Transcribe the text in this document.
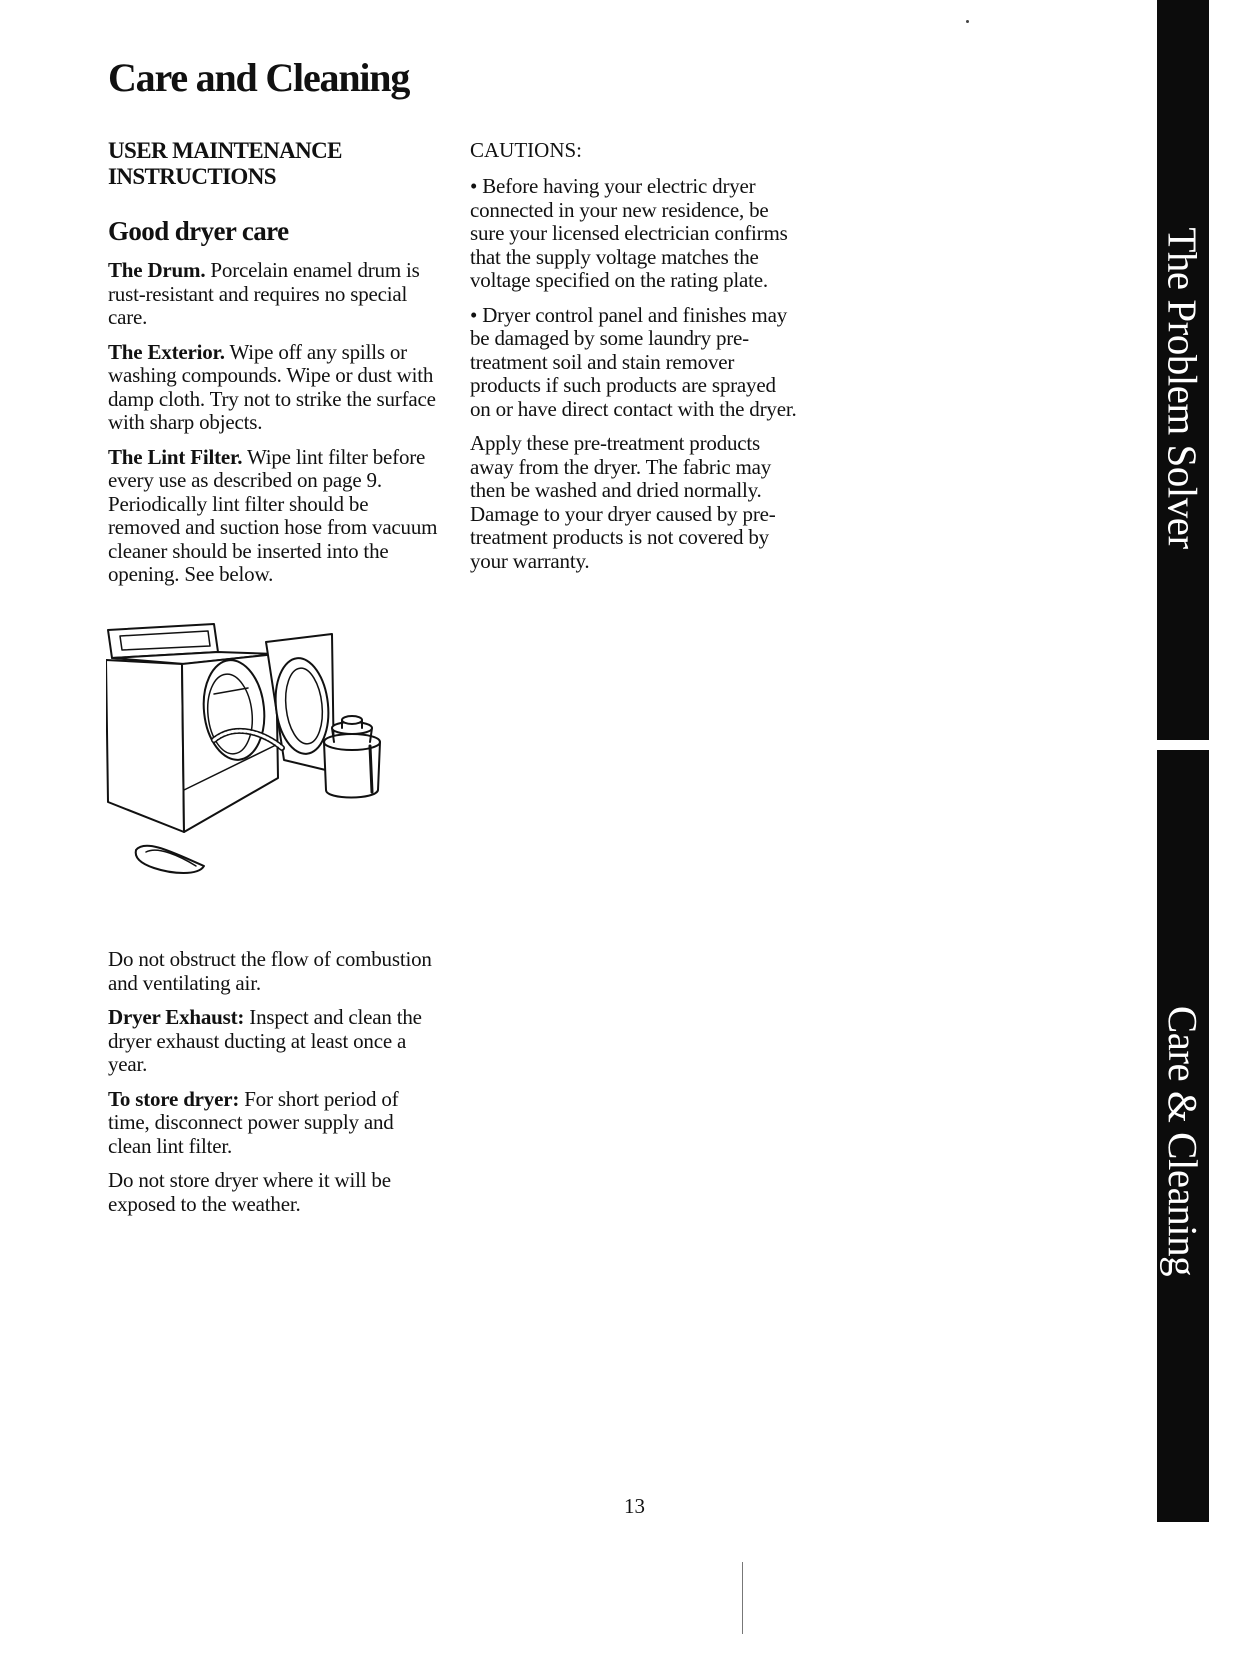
Care and Cleaning
USER MAINTENANCE
INSTRUCTIONS
Good dryer care

The Drum. Porcelain enamel drum is rust-resistant and requires no special care.

The Exterior. Wipe off any spills or washing compounds. Wipe or dust with damp cloth. Try not to strike the surface with sharp objects.

The Lint Filter. Wipe lint filter before every use as described on page 9. Periodically lint filter should be removed and suction hose from vacuum cleaner should be inserted into the opening. See below.

Do not obstruct the flow of combustion and ventilating air.

Dryer Exhaust: Inspect and clean the dryer exhaust ducting at least once a year.

To store dryer: For short period of time, disconnect power supply and clean lint filter.

Do not store dryer where it will be exposed to the weather.

CAUTIONS:

• Before having your electric dryer connected in your new residence, be sure your licensed electrician confirms that the supply voltage matches the voltage specified on the rating plate.

• Dryer control panel and finishes may be damaged by some laundry pre-treatment soil and stain remover products if such products are sprayed on or have direct contact with the dryer.

Apply these pre-treatment products away from the dryer. The fabric may then be washed and dried normally. Damage to your dryer caused by pre-treatment products is not covered by your warranty.

13
The Problem Solver
Care & Cleaning
